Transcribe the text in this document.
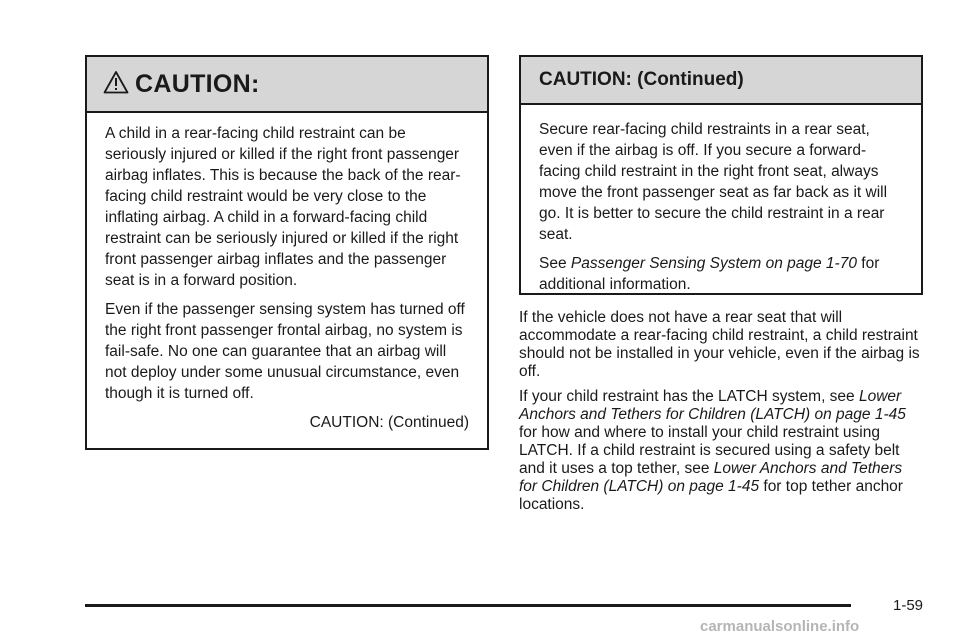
CAUTION:

A child in a rear-facing child restraint can be seriously injured or killed if the right front passenger airbag inflates. This is because the back of the rear-facing child restraint would be very close to the inflating airbag. A child in a forward-facing child restraint can be seriously injured or killed if the right front passenger airbag inflates and the passenger seat is in a forward position.

Even if the passenger sensing system has turned off the right front passenger frontal airbag, no system is fail-safe. No one can guarantee that an airbag will not deploy under some unusual circumstance, even though it is turned off.

CAUTION: (Continued)

CAUTION: (Continued)

Secure rear-facing child restraints in a rear seat, even if the airbag is off. If you secure a forward-facing child restraint in the right front seat, always move the front passenger seat as far back as it will go. It is better to secure the child restraint in a rear seat.

See Passenger Sensing System on page 1-70 for additional information.

If the vehicle does not have a rear seat that will accommodate a rear-facing child restraint, a child restraint should not be installed in your vehicle, even if the airbag is off.

If your child restraint has the LATCH system, see Lower Anchors and Tethers for Children (LATCH) on page 1-45 for how and where to install your child restraint using LATCH. If a child restraint is secured using a safety belt and it uses a top tether, see Lower Anchors and Tethers for Children (LATCH) on page 1-45 for top tether anchor locations.

1-59
carmanualsonline.info
